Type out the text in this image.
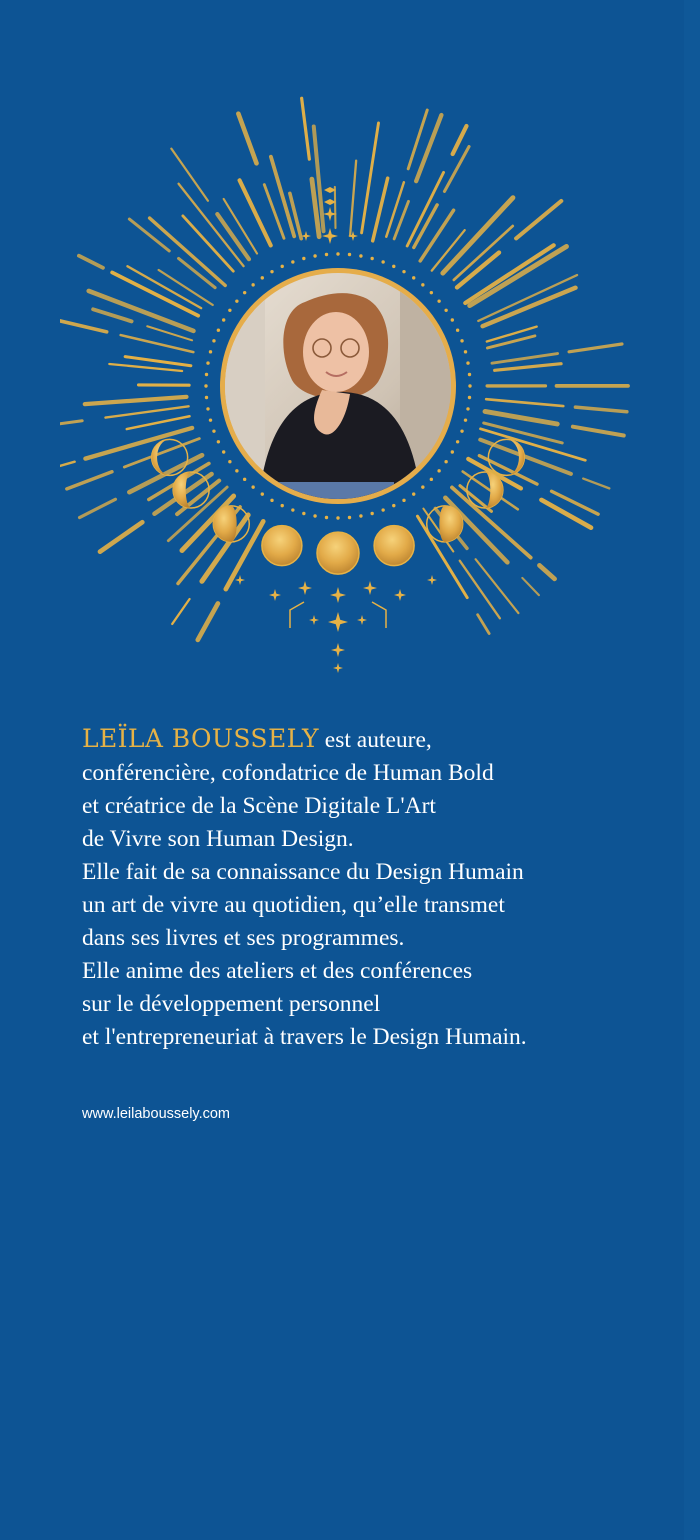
LEÏLA BOUSSELY est auteure,
conférencière, cofondatrice de Human Bold
et créatrice de la Scène Digitale L'Art
de Vivre son Human Design.
Elle fait de sa connaissance du Design Humain
un art de vivre au quotidien, qu’elle transmet
dans ses livres et ses programmes.
Elle anime des ateliers et des conférences
sur le développement personnel
et l'entrepreneuriat à travers le Design Humain.
www.leilaboussely.com
